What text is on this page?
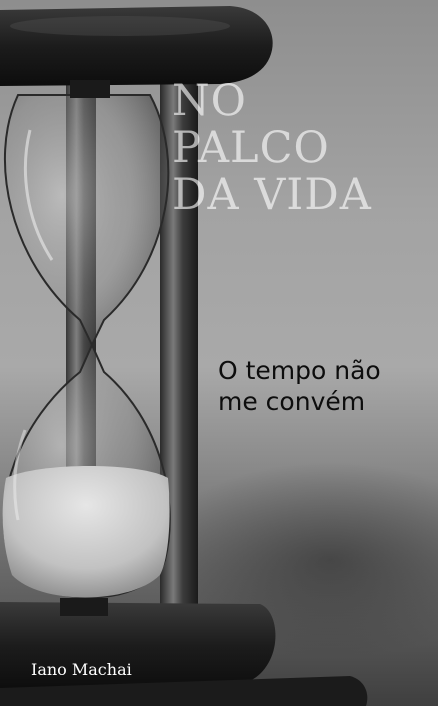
NO
PALCO
DA VIDA
O tempo não
me convém
Iano Machai
